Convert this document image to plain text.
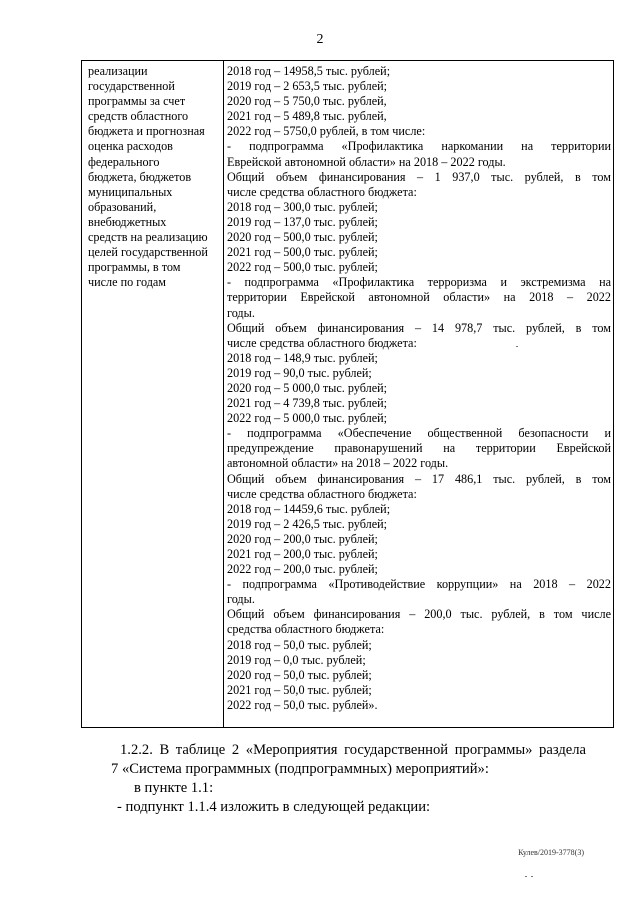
2
реализации
государственной
программы за счет
средств областного
бюджета и прогнозная
оценка расходов
федерального
бюджета, бюджетов
муниципальных
образований,
внебюджетных
средств на реализацию
целей государственной
программы, в том
числе по годам
2018 год – 14958,5 тыс. рублей;
2019 год – 2 653,5 тыс. рублей;
2020 год – 5 750,0 тыс. рублей,
2021 год – 5 489,8 тыс. рублей,
2022 год – 5750,0 рублей, в том числе:
- подпрограмма «Профилактика наркомании на территории
Еврейской автономной области» на 2018 – 2022 годы.
Общий объем финансирования – 1 937,0 тыс. рублей, в том
числе средства областного бюджета:
2018 год – 300,0 тыс. рублей;
2019 год – 137,0 тыс. рублей;
2020 год – 500,0 тыс. рублей;
2021 год – 500,0 тыс. рублей;
2022 год – 500,0 тыс. рублей;
- подпрограмма «Профилактика терроризма и экстремизма на
территории Еврейской автономной области» на 2018 – 2022
годы.
Общий объем финансирования – 14 978,7 тыс. рублей, в том
числе средства областного бюджета:
2018 год – 148,9 тыс. рублей;
2019 год – 90,0 тыс. рублей;
2020 год – 5 000,0 тыс. рублей;
2021 год – 4 739,8 тыс. рублей;
2022 год – 5 000,0 тыс. рублей;
- подпрограмма «Обеспечение общественной безопасности и
предупреждение правонарушений на территории Еврейской
автономной области» на 2018 – 2022 годы.
Общий объем финансирования – 17 486,1 тыс. рублей, в том
числе средства областного бюджета:
2018 год – 14459,6 тыс. рублей;
2019 год – 2 426,5 тыс. рублей;
2020 год – 200,0 тыс. рублей;
2021 год – 200,0 тыс. рублей;
2022 год – 200,0 тыс. рублей;
- подпрограмма «Противодействие коррупции» на 2018 – 2022
годы.
Общий объем финансирования – 200,0 тыс. рублей, в том числе
средства областного бюджета:
2018 год – 50,0 тыс. рублей;
2019 год – 0,0 тыс. рублей;
2020 год – 50,0 тыс. рублей;
2021 год – 50,0 тыс. рублей;
2022 год – 50,0 тыс. рублей».
1.2.2. В таблице 2 «Мероприятия государственной программы» раздела
7 «Система программных (подпрограммных) мероприятий»:
в пункте 1.1:
- подпункт 1.1.4 изложить в следующей редакции:
Кулев/2019-3778(3)
